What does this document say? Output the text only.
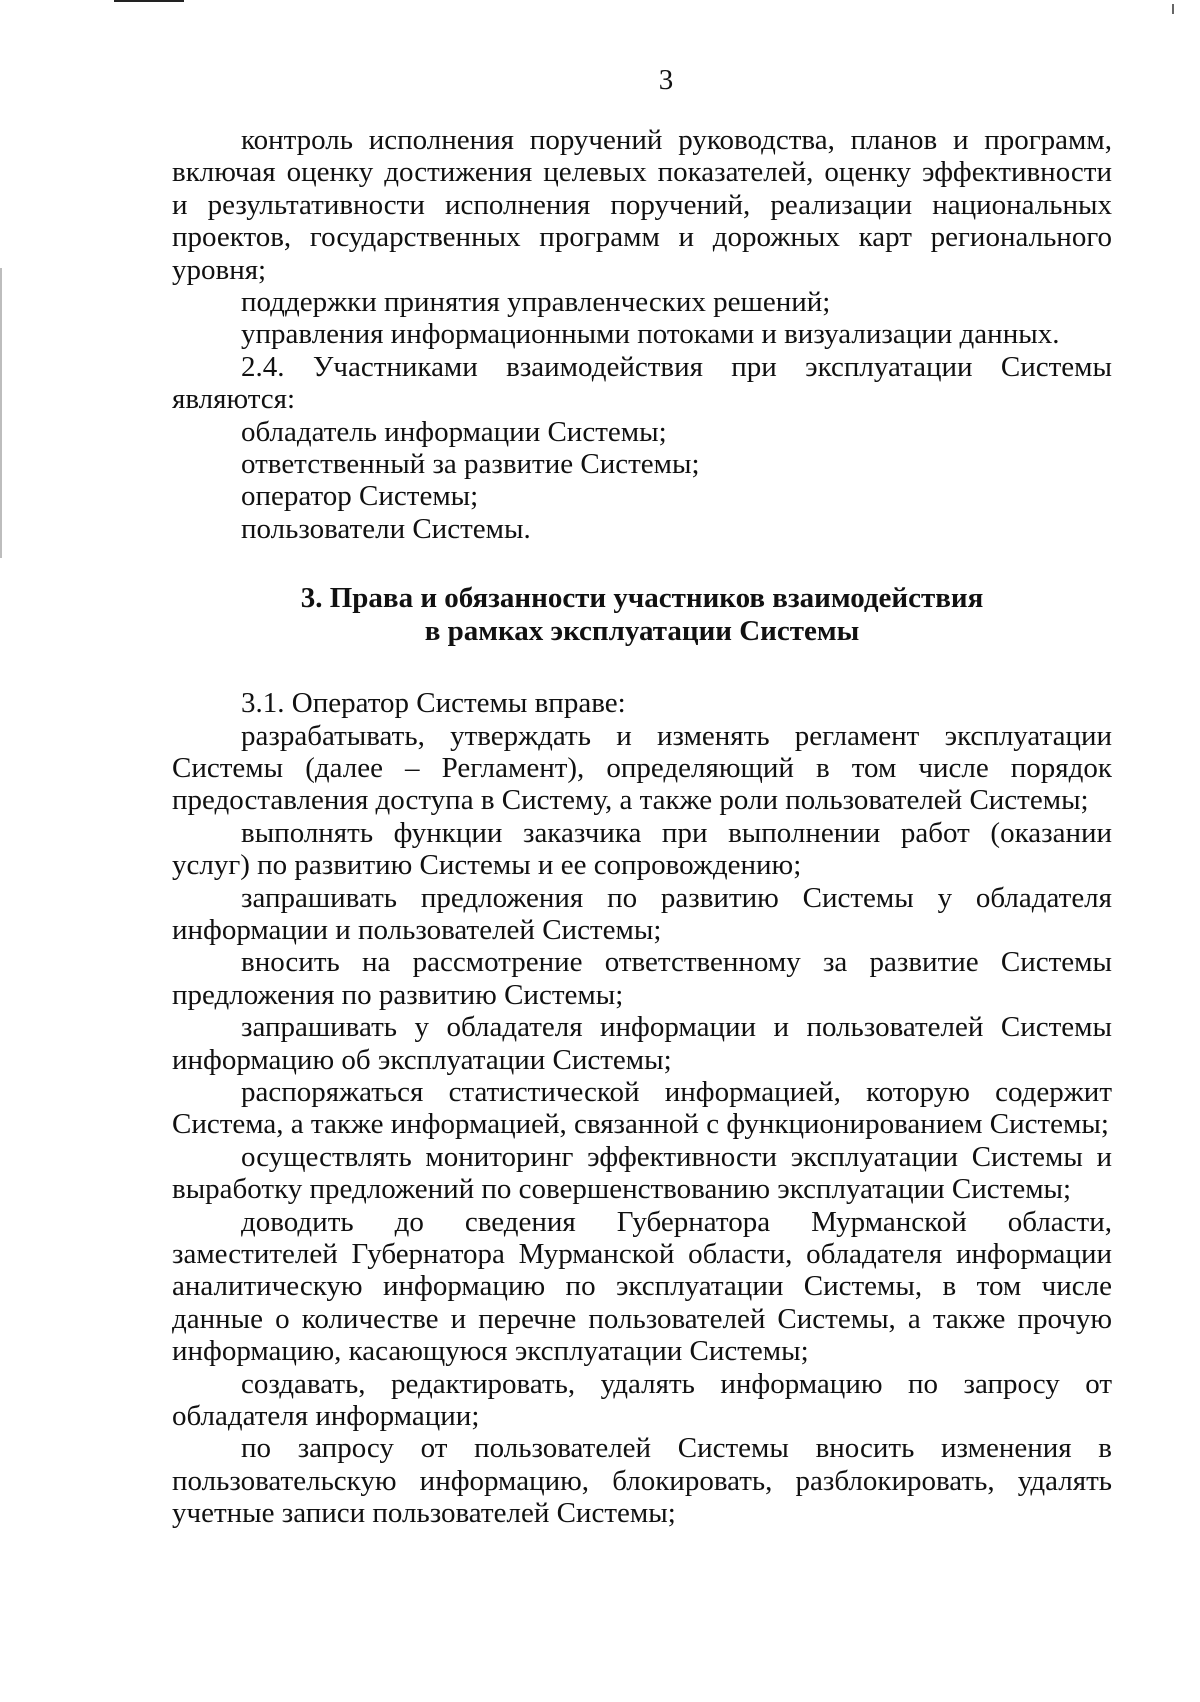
3

контроль исполнения поручений руководства, планов и программ, включая оценку достижения целевых показателей, оценку эффективности и результативности исполнения поручений, реализации национальных проектов, государственных программ и дорожных карт регионального уровня;

поддержки принятия управленческих решений;

управления информационными потоками и визуализации данных.

2.4. Участниками взаимодействия при эксплуатации Системы являются:

обладатель информации Системы;

ответственный за развитие Системы;

оператор Системы;

пользователи Системы.

3. Права и обязанности участников взаимодействия
в рамках эксплуатации Системы

3.1. Оператор Системы вправе:

разрабатывать, утверждать и изменять регламент эксплуатации Системы (далее – Регламент), определяющий в том числе порядок предоставления доступа в Систему, а также роли пользователей Системы;

выполнять функции заказчика при выполнении работ (оказании услуг) по развитию Системы и ее сопровождению;

запрашивать предложения по развитию Системы у обладателя информации и пользователей Системы;

вносить на рассмотрение ответственному за развитие Системы предложения по развитию Системы;

запрашивать у обладателя информации и пользователей Системы информацию об эксплуатации Системы;

распоряжаться статистической информацией, которую содержит Система, а также информацией, связанной с функционированием Системы;

осуществлять мониторинг эффективности эксплуатации Системы и выработку предложений по совершенствованию эксплуатации Системы;

доводить до сведения Губернатора Мурманской области, заместителей Губернатора Мурманской области, обладателя информации аналитическую информацию по эксплуатации Системы, в том числе данные о количестве и перечне пользователей Системы, а также прочую информацию, касающуюся эксплуатации Системы;

создавать, редактировать, удалять информацию по запросу от обладателя информации;

по запросу от пользователей Системы вносить изменения в пользовательскую информацию, блокировать, разблокировать, удалять учетные записи пользователей Системы;
